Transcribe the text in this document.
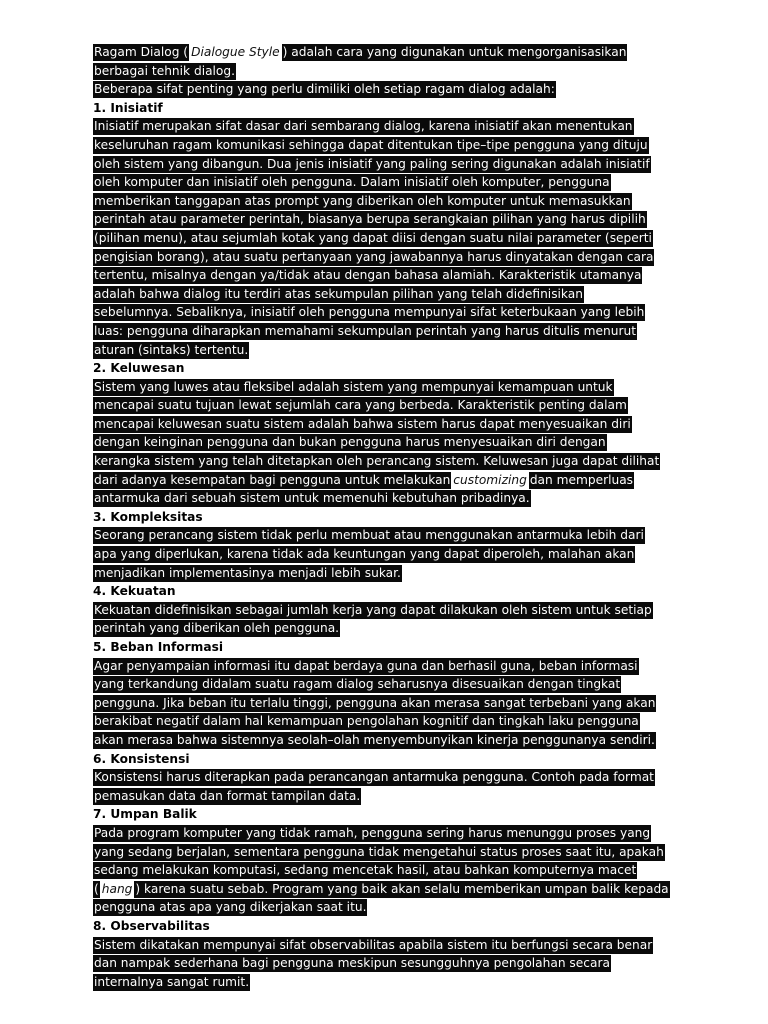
Ragam Dialog ( Dialogue Style ) adalah cara yang digunakan untuk mengorganisasikan
berbagai tehnik dialog.
Beberapa sifat penting yang perlu dimiliki oleh setiap ragam dialog adalah:
1. Inisiatif
Inisiatif merupakan sifat dasar dari sembarang dialog, karena inisiatif akan menentukan
keseluruhan ragam komunikasi sehingga dapat ditentukan tipe–tipe pengguna yang dituju
oleh sistem yang dibangun. Dua jenis inisiatif yang paling sering digunakan adalah inisiatif
oleh komputer dan inisiatif oleh pengguna. Dalam inisiatif oleh komputer, pengguna
memberikan tanggapan atas prompt yang diberikan oleh komputer untuk memasukkan
perintah atau parameter perintah, biasanya berupa serangkaian pilihan yang harus dipilih
(pilihan menu), atau sejumlah kotak yang dapat diisi dengan suatu nilai parameter (seperti
pengisian borang), atau suatu pertanyaan yang jawabannya harus dinyatakan dengan cara
tertentu, misalnya dengan ya/tidak atau dengan bahasa alamiah. Karakteristik utamanya
adalah bahwa dialog itu terdiri atas sekumpulan pilihan yang telah didefinisikan
sebelumnya. Sebaliknya, inisiatif oleh pengguna mempunyai sifat keterbukaan yang lebih
luas: pengguna diharapkan memahami sekumpulan perintah yang harus ditulis menurut
aturan (sintaks) tertentu.
2. Keluwesan
Sistem yang luwes atau fleksibel adalah sistem yang mempunyai kemampuan untuk
mencapai suatu tujuan lewat sejumlah cara yang berbeda. Karakteristik penting dalam
mencapai keluwesan suatu sistem adalah bahwa sistem harus dapat menyesuaikan diri
dengan keinginan pengguna dan bukan pengguna harus menyesuaikan diri dengan
kerangka sistem yang telah ditetapkan oleh perancang sistem. Keluwesan juga dapat dilihat
dari adanya kesempatan bagi pengguna untuk melakukan customizing dan memperluas
antarmuka dari sebuah sistem untuk memenuhi kebutuhan pribadinya.
3. Kompleksitas
Seorang perancang sistem tidak perlu membuat atau menggunakan antarmuka lebih dari
apa yang diperlukan, karena tidak ada keuntungan yang dapat diperoleh, malahan akan
menjadikan implementasinya menjadi lebih sukar.
4. Kekuatan
Kekuatan didefinisikan sebagai jumlah kerja yang dapat dilakukan oleh sistem untuk setiap
perintah yang diberikan oleh pengguna.
5. Beban Informasi
Agar penyampaian informasi itu dapat berdaya guna dan berhasil guna, beban informasi
yang terkandung didalam suatu ragam dialog seharusnya disesuaikan dengan tingkat
pengguna. Jika beban itu terlalu tinggi, pengguna akan merasa sangat terbebani yang akan
berakibat negatif dalam hal kemampuan pengolahan kognitif dan tingkah laku pengguna
akan merasa bahwa sistemnya seolah–olah menyembunyikan kinerja penggunanya sendiri.
6. Konsistensi
Konsistensi harus diterapkan pada perancangan antarmuka pengguna. Contoh pada format
pemasukan data dan format tampilan data.
7. Umpan Balik
Pada program komputer yang tidak ramah, pengguna sering harus menunggu proses yang
yang sedang berjalan, sementara pengguna tidak mengetahui status proses saat itu, apakah
sedang melakukan komputasi, sedang mencetak hasil, atau bahkan komputernya macet
( hang ) karena suatu sebab. Program yang baik akan selalu memberikan umpan balik kepada
pengguna atas apa yang dikerjakan saat itu.
8. Observabilitas
Sistem dikatakan mempunyai sifat observabilitas apabila sistem itu berfungsi secara benar
dan nampak sederhana bagi pengguna meskipun sesungguhnya pengolahan secara
internalnya sangat rumit.
